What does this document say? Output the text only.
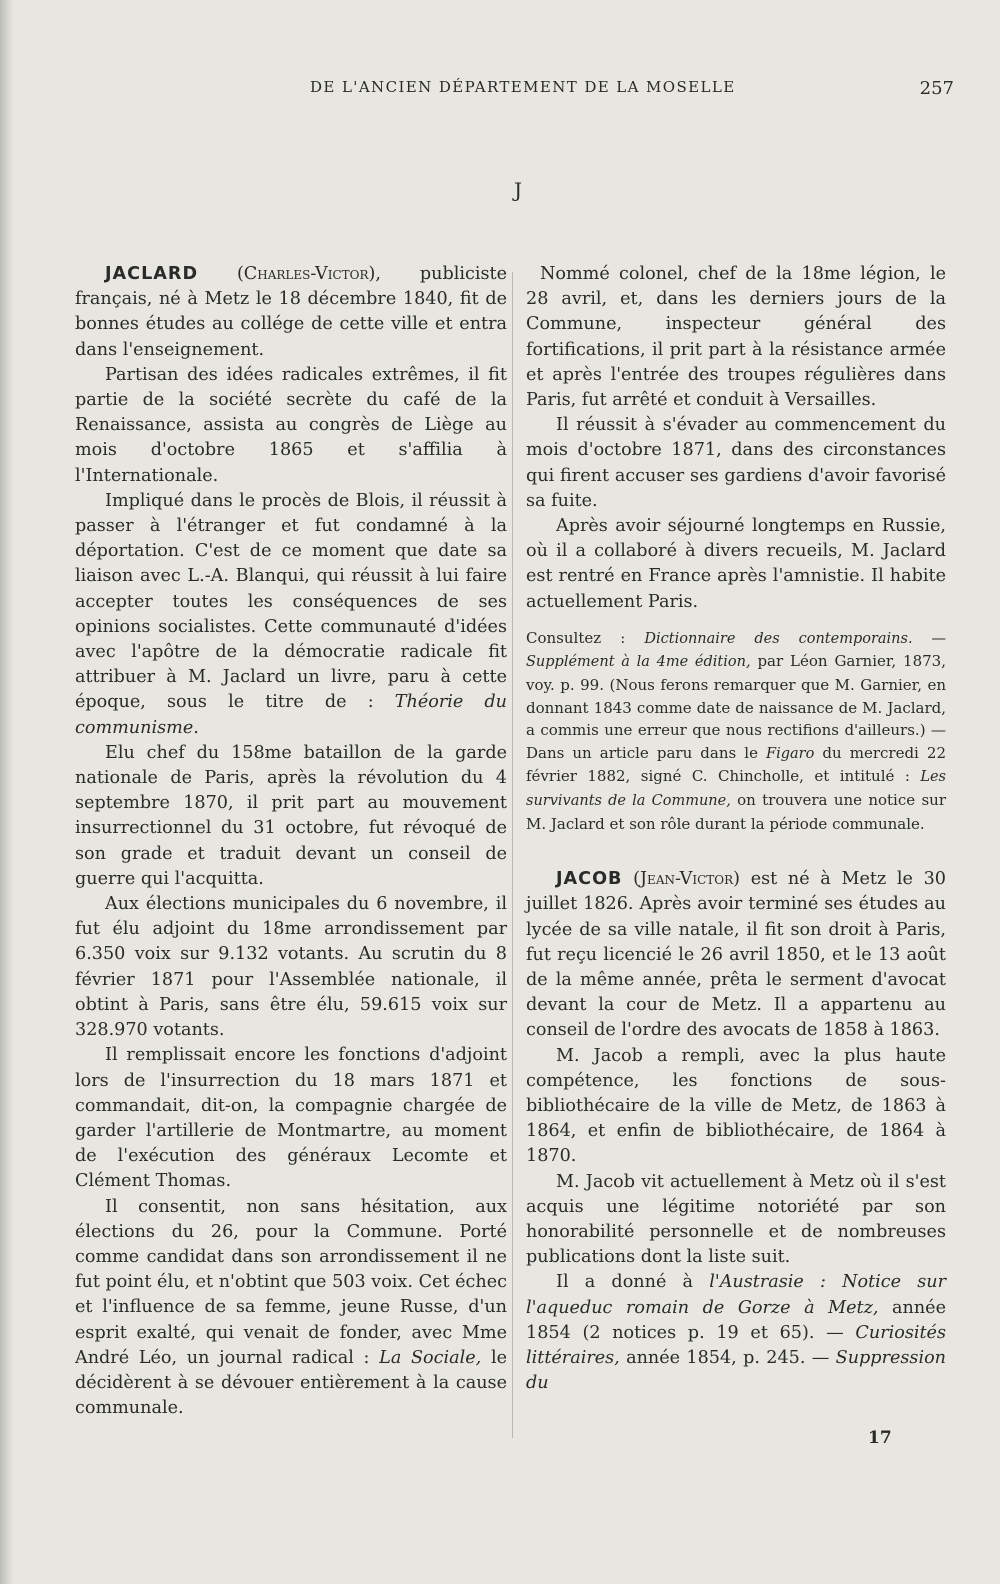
DE L'ANCIEN DÉPARTEMENT DE LA MOSELLE	257
J

JACLARD (Charles-Victor), publiciste français, né à Metz le 18 décembre 1840, fit de bonnes études au collége de cette ville et entra dans l'enseignement.

Partisan des idées radicales extrêmes, il fit partie de la société secrète du café de la Renaissance, assista au congrès de Liège au mois d'octobre 1865 et s'affilia à l'Internationale.

Impliqué dans le procès de Blois, il réussit à passer à l'étranger et fut condamné à la déportation. C'est de ce moment que date sa liaison avec L.-A. Blanqui, qui réussit à lui faire accepter toutes les conséquences de ses opinions socialistes. Cette communauté d'idées avec l'apôtre de la démocratie radicale fit attribuer à M. Jaclard un livre, paru à cette époque, sous le titre de : Théorie du communisme.

Elu chef du 158me bataillon de la garde nationale de Paris, après la révolution du 4 septembre 1870, il prit part au mouvement insurrectionnel du 31 octobre, fut révoqué de son grade et traduit devant un conseil de guerre qui l'acquitta.

Aux élections municipales du 6 novembre, il fut élu adjoint du 18me arrondissement par 6.350 voix sur 9.132 votants. Au scrutin du 8 février 1871 pour l'Assemblée nationale, il obtint à Paris, sans être élu, 59.615 voix sur 328.970 votants.

Il remplissait encore les fonctions d'adjoint lors de l'insurrection du 18 mars 1871 et commandait, dit-on, la compagnie chargée de garder l'artillerie de Montmartre, au moment de l'exécution des généraux Lecomte et Clément Thomas.

Il consentit, non sans hésitation, aux élections du 26, pour la Commune. Porté comme candidat dans son arrondissement il ne fut point élu, et n'obtint que 503 voix. Cet échec et l'influence de sa femme, jeune Russe, d'un esprit exalté, qui venait de fonder, avec Mme André Léo, un journal radical : La Sociale, le décidèrent à se dévouer entièrement à la cause communale.

Nommé colonel, chef de la 18me légion, le 28 avril, et, dans les derniers jours de la Commune, inspecteur général des fortifications, il prit part à la résistance armée et après l'entrée des troupes régulières dans Paris, fut arrêté et conduit à Versailles.

Il réussit à s'évader au commencement du mois d'octobre 1871, dans des circonstances qui firent accuser ses gardiens d'avoir favorisé sa fuite.

Après avoir séjourné longtemps en Russie, où il a collaboré à divers recueils, M. Jaclard est rentré en France après l'amnistie. Il habite actuellement Paris.

Consultez : Dictionnaire des contemporains. — Supplément à la 4me édition, par Léon Garnier, 1873, voy. p. 99. (Nous ferons remarquer que M. Garnier, en donnant 1843 comme date de naissance de M. Jaclard, a commis une erreur que nous rectifions d'ailleurs.) — Dans un article paru dans le Figaro du mercredi 22 février 1882, signé C. Chincholle, et intitulé : Les survivants de la Commune, on trouvera une notice sur M. Jaclard et son rôle durant la période communale.

JACOB (Jean-Victor) est né à Metz le 30 juillet 1826. Après avoir terminé ses études au lycée de sa ville natale, il fit son droit à Paris, fut reçu licencié le 26 avril 1850, et le 13 août de la même année, prêta le serment d'avocat devant la cour de Metz. Il a appartenu au conseil de l'ordre des avocats de 1858 à 1863.

M. Jacob a rempli, avec la plus haute compétence, les fonctions de sous-bibliothécaire de la ville de Metz, de 1863 à 1864, et enfin de bibliothécaire, de 1864 à 1870.

M. Jacob vit actuellement à Metz où il s'est acquis une légitime notoriété par son honorabilité personnelle et de nombreuses publications dont la liste suit.

Il a donné à l'Austrasie : Notice sur l'aqueduc romain de Gorze à Metz, année 1854 (2 notices p. 19 et 65). — Curiosités littéraires, année 1854, p. 245. — Suppression du

17
